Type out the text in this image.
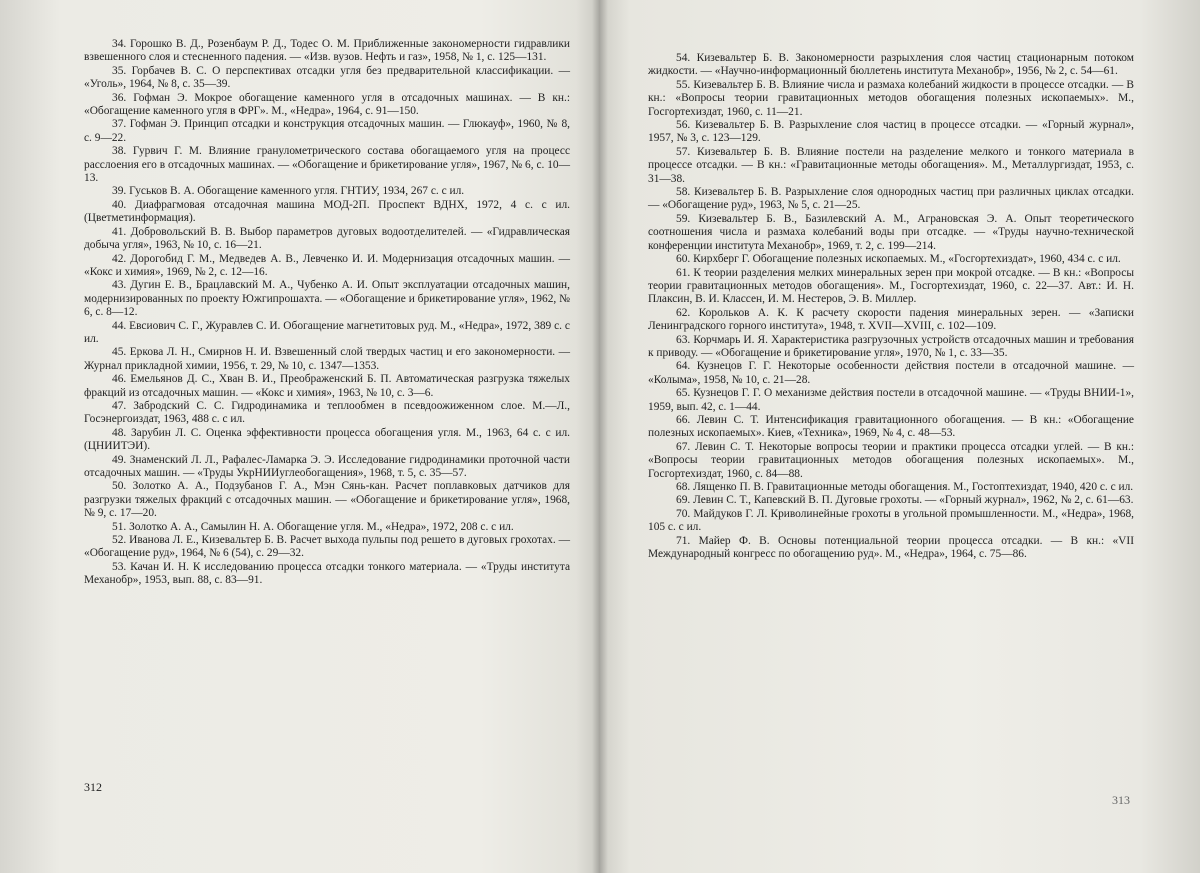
34. Горошко В. Д., Розенбаум Р. Д., Тодес О. М. Приближенные закономерности гидравлики взвешенного слоя и стесненного падения. — «Изв. вузов. Нефть и газ», 1958, № 1, с. 125—131.
35. Горбачев В. С. О перспективах отсадки угля без предварительной классификации. — «Уголь», 1964, № 8, с. 35—39.
36. Гофман Э. Мокрое обогащение каменного угля в отсадочных машинах. — В кн.: «Обогащение каменного угля в ФРГ». М., «Недра», 1964, с. 91—150.
37. Гофман Э. Принцип отсадки и конструкция отсадочных машин. — Глюкауф», 1960, № 8, с. 9—22.
38. Гурвич Г. М. Влияние гранулометрического состава обогащаемого угля на процесс расслоения его в отсадочных машинах. — «Обогащение и брикетирование угля», 1967, № 6, с. 10—13.
39. Гуськов В. А. Обогащение каменного угля. ГНТИУ, 1934, 267 с. с ил.
40. Диафрагмовая отсадочная машина МОД-2П. Проспект ВДНХ, 1972, 4 с. с ил. (Цветметинформация).
41. Добровольский В. В. Выбор параметров дуговых водоотделителей. — «Гидравлическая добыча угля», 1963, № 10, с. 16—21.
42. Дорогобид Г. М., Медведев А. В., Левченко И. И. Модернизация отсадочных машин. — «Кокс и химия», 1969, № 2, с. 12—16.
43. Дугин Е. В., Брацлавский М. А., Чубенко А. И. Опыт эксплуатации отсадочных машин, модернизированных по проекту Южгипрошахта. — «Обогащение и брикетирование угля», 1962, № 6, с. 8—12.
44. Евсиович С. Г., Журавлев С. И. Обогащение магнетитовых руд. М., «Недра», 1972, 389 с. с ил.
45. Еркова Л. Н., Смирнов Н. И. Взвешенный слой твердых частиц и его закономерности. — Журнал прикладной химии, 1956, т. 29, № 10, с. 1347—1353.
46. Емельянов Д. С., Хван В. И., Преображенский Б. П. Автоматическая разгрузка тяжелых фракций из отсадочных машин. — «Кокс и химия», 1963, № 10, с. 3—6.
47. Забродский С. С. Гидродинамика и теплообмен в псевдоожиженном слое. М.—Л., Госэнергоиздат, 1963, 488 с. с ил.
48. Зарубин Л. С. Оценка эффективности процесса обогащения угля. М., 1963, 64 с. с ил. (ЦНИИТЭИ).
49. Знаменский Л. Л., Рафалес-Ламарка Э. Э. Исследование гидродинамики проточной части отсадочных машин. — «Труды УкрНИИуглеобогащения», 1968, т. 5, с. 35—57.
50. Золотко А. А., Подзубанов Г. А., Мэн Сянь-кан. Расчет поплавковых датчиков для разгрузки тяжелых фракций с отсадочных машин. — «Обогащение и брикетирование угля», 1968, № 9, с. 17—20.
51. Золотко А. А., Самылин Н. А. Обогащение угля. М., «Недра», 1972, 208 с. с ил.
52. Иванова Л. Е., Кизевальтер Б. В. Расчет выхода пульпы под решето в дуговых грохотах. — «Обогащение руд», 1964, № 6 (54), с. 29—32.
53. Качан И. Н. К исследованию процесса отсадки тонкого материала. — «Труды института Механобр», 1953, вып. 88, с. 83—91.
312
54. Кизевальтер Б. В. Закономерности разрыхления слоя частиц стационарным потоком жидкости. — «Научно-информационный бюллетень института Механобр», 1956, № 2, с. 54—61.
55. Кизевальтер Б. В. Влияние числа и размаха колебаний жидкости в процессе отсадки. — В кн.: «Вопросы теории гравитационных методов обогащения полезных ископаемых». М., Госгортехиздат, 1960, с. 11—21.
56. Кизевальтер Б. В. Разрыхление слоя частиц в процессе отсадки. — «Горный журнал», 1957, № 3, с. 123—129.
57. Кизевальтер Б. В. Влияние постели на разделение мелкого и тонкого материала в процессе отсадки. — В кн.: «Гравитационные методы обогащения». М., Металлургиздат, 1953, с. 31—38.
58. Кизевальтер Б. В. Разрыхление слоя однородных частиц при различных циклах отсадки. — «Обогащение руд», 1963, № 5, с. 21—25.
59. Кизевальтер Б. В., Базилевский А. М., Аграновская Э. А. Опыт теоретического соотношения числа и размаха колебаний воды при отсадке. — «Труды научно-технической конференции института Механобр», 1969, т. 2, с. 199—214.
60. Кирхберг Г. Обогащение полезных ископаемых. М., «Госгортехиздат», 1960, 434 с. с ил.
61. К теории разделения мелких минеральных зерен при мокрой отсадке. — В кн.: «Вопросы теории гравитационных методов обогащения». М., Госгортехиздат, 1960, с. 22—37. Авт.: И. Н. Плаксин, В. И. Классен, И. М. Нестеров, Э. В. Миллер.
62. Корольков А. К. К расчету скорости падения минеральных зерен. — «Записки Ленинградского горного института», 1948, т. XVII—XVIII, с. 102—109.
63. Корчмарь И. Я. Характеристика разгрузочных устройств отсадочных машин и требования к приводу. — «Обогащение и брикетирование угля», 1970, № 1, с. 33—35.
64. Кузнецов Г. Г. Некоторые особенности действия постели в отсадочной машине. — «Колыма», 1958, № 10, с. 21—28.
65. Кузнецов Г. Г. О механизме действия постели в отсадочной машине. — «Труды ВНИИ-1», 1959, вып. 42, с. 1—44.
66. Левин С. Т. Интенсификация гравитационного обогащения. — В кн.: «Обогащение полезных ископаемых». Киев, «Техника», 1969, № 4, с. 48—53.
67. Левин С. Т. Некоторые вопросы теории и практики процесса отсадки углей. — В кн.: «Вопросы теории гравитационных методов обогащения полезных ископаемых». М., Госгортехиздат, 1960, с. 84—88.
68. Лященко П. В. Гравитационные методы обогащения. М., Гостоптехиздат, 1940, 420 с. с ил.
69. Левин С. Т., Капевский В. П. Дуговые грохоты. — «Горный журнал», 1962, № 2, с. 61—63.
70. Майдуков Г. Л. Криволинейные грохоты в угольной промышленности. М., «Недра», 1968, 105 с. с ил.
71. Майер Ф. В. Основы потенциальной теории процесса отсадки. — В кн.: «VII Международный конгресс по обогащению руд». М., «Недра», 1964, с. 75—86.
313
